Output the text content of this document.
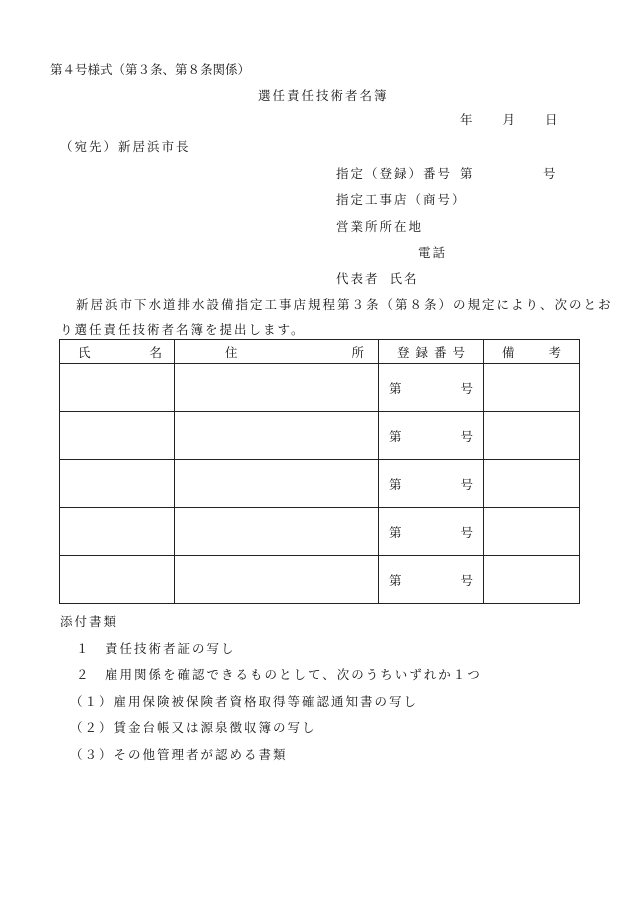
第４号様式（第３条、第８条関係）
選任責任技術者名簿
年 月 日
（宛先）新居浜市長
指定（登録）番号 第	号
指定工事店（商号）
営業所所在地
電話
代表者 氏名
新居浜市下水道排水設備指定工事店規程第３条（第８条）の規定により、次のとお
り選任責任技術者名簿を提出します。
氏 名	住 所	登 録 番 号	備 考

		第 号	

		第 号	

		第 号	

		第 号	

		第 号	

添付書類
１　責任技術者証の写し
２　雇用関係を確認できるものとして、次のうちいずれか１つ
（１）雇用保険被保険者資格取得等確認通知書の写し
（２）賃金台帳又は源泉徴収簿の写し
（３）その他管理者が認める書類
